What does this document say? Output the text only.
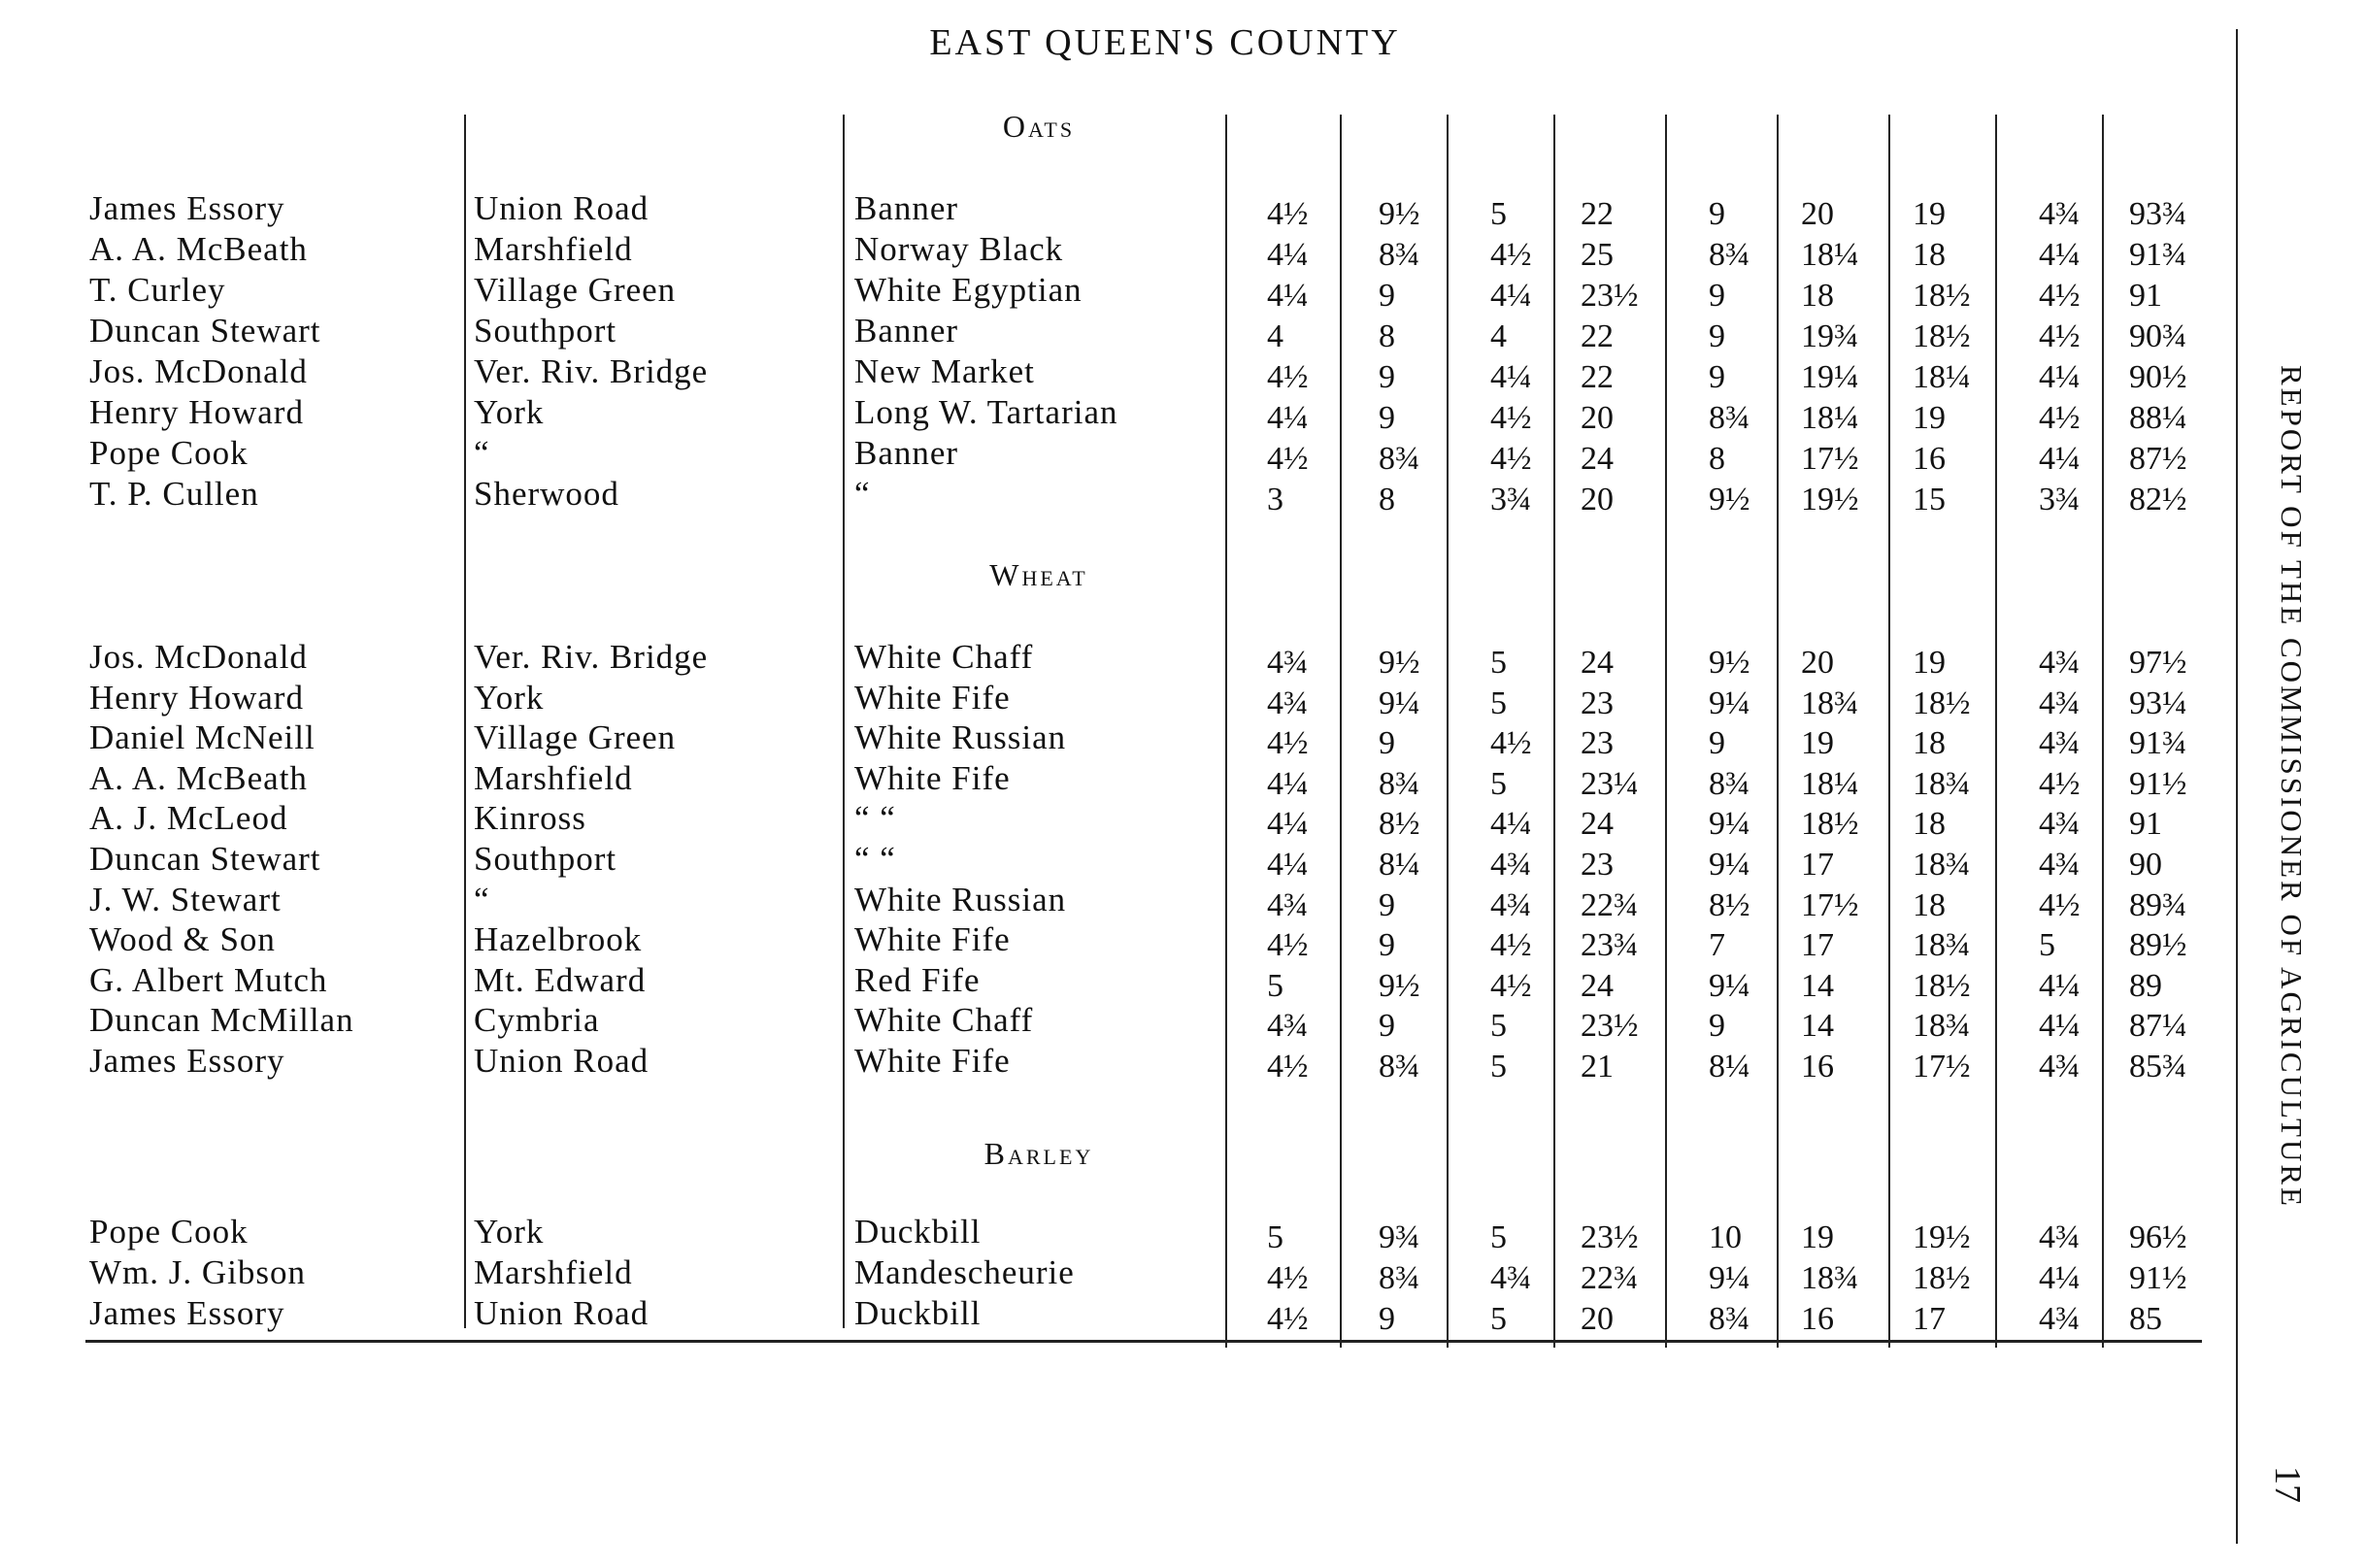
EAST QUEEN'S COUNTY
Oats
James Essory	Union Road	Banner	4½	9½	5	22	9	20	19	4¾	93¾
A. A. McBeath	Marshfield	Norway Black	4¼	8¾	4½	25	8¾	18¼	18	4¼	91¾
T. Curley	Village Green	White Egyptian	4¼	9	4¼	23½	9	18	18½	4½	91
Duncan Stewart	Southport	Banner	4	8	4	22	9	19¾	18½	4½	90¾
Jos. McDonald	Ver. Riv. Bridge	New Market	4½	9	4¼	22	9	19¼	18¼	4¼	90½
Henry Howard	York	Long W. Tartarian	4¼	9	4½	20	8¾	18¼	19	4½	88¼
Pope Cook	“	Banner	4½	8¾	4½	24	8	17½	16	4¼	87½
T. P. Cullen	Sherwood	“	3	8	3¾	20	9½	19½	15	3¾	82½
Wheat
Jos. McDonald	Ver. Riv. Bridge	White Chaff	4¾	9½	5	24	9½	20	19	4¾	97½
Henry Howard	York	White Fife	4¾	9¼	5	23	9¼	18¾	18½	4¾	93¼
Daniel McNeill	Village Green	White Russian	4½	9	4½	23	9	19	18	4¾	91¾
A. A. McBeath	Marshfield	White Fife	4¼	8¾	5	23¼	8¾	18¼	18¾	4½	91½
A. J. McLeod	Kinross	“ “	4¼	8½	4¼	24	9¼	18½	18	4¾	91
Duncan Stewart	Southport	“ “	4¼	8¼	4¾	23	9¼	17	18¾	4¾	90
J. W. Stewart	“	White Russian	4¾	9	4¾	22¾	8½	17½	18	4½	89¾
Wood & Son	Hazelbrook	White Fife	4½	9	4½	23¾	7	17	18¾	5	89½
G. Albert Mutch	Mt. Edward	Red Fife	5	9½	4½	24	9¼	14	18½	4¼	89
Duncan McMillan	Cymbria	White Chaff	4¾	9	5	23½	9	14	18¾	4¼	87¼
James Essory	Union Road	White Fife	4½	8¾	5	21	8¼	16	17½	4¾	85¾
Barley
Pope Cook	York	Duckbill	5	9¾	5	23½	10	19	19½	4¾	96½
Wm. J. Gibson	Marshfield	Mandescheurie	4½	8¾	4¾	22¾	9¼	18¾	18½	4¼	91½
James Essory	Union Road	Duckbill	4½	9	5	20	8¾	16	17	4¾	85
REPORT OF THE COMMISSIONER OF AGRICULTURE
17
